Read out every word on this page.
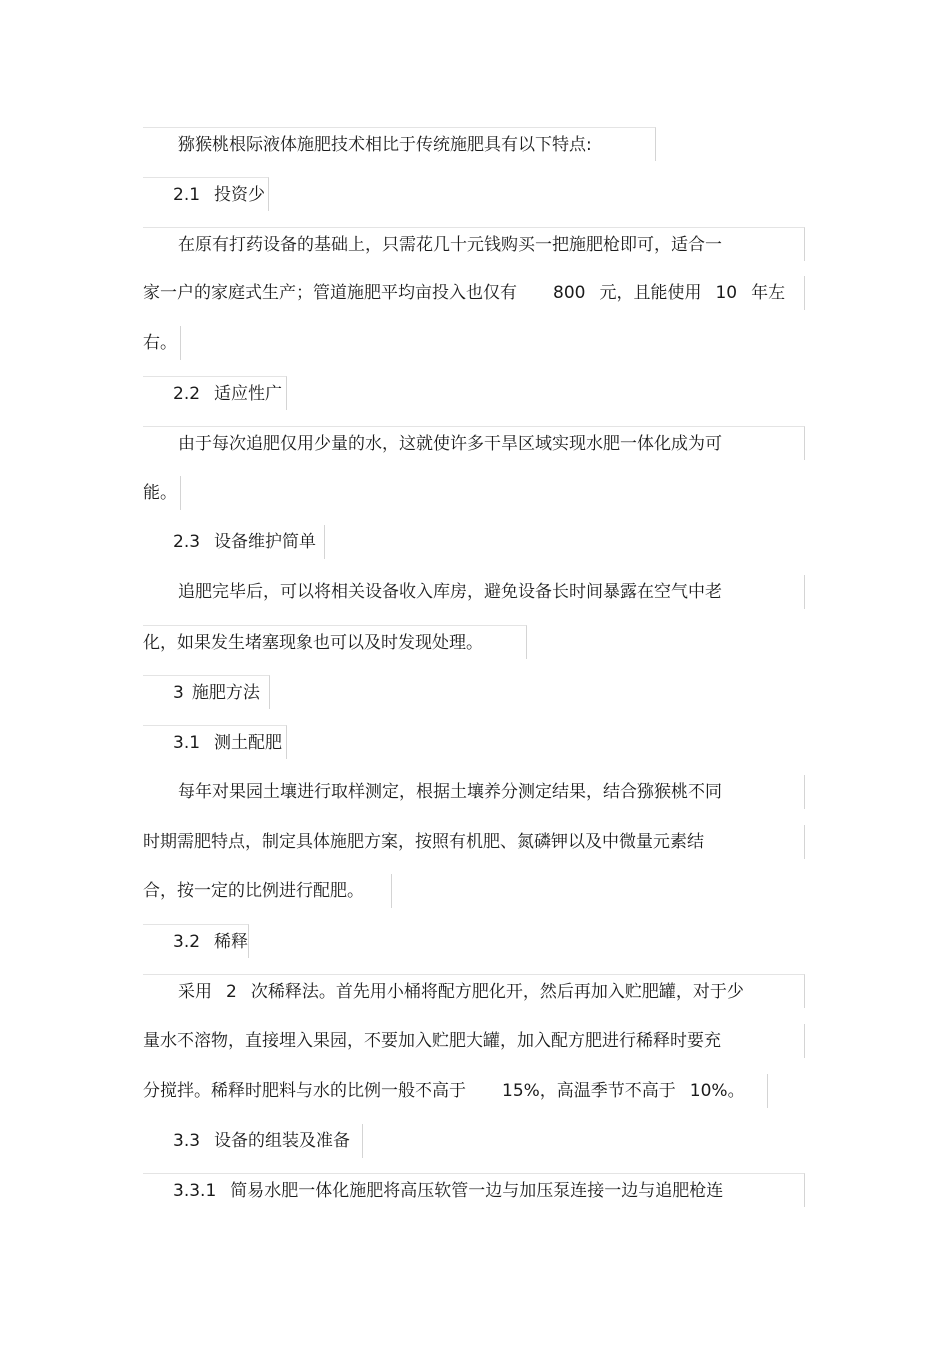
猕猴桃根际液体施肥技术相比于传统施肥具有以下特点:
2.1 投资少
在原有打药设备的基础上，只需花几十元钱购买一把施肥枪即可，适合一
家一户的家庭式生产；管道施肥平均亩投入也仅有 800 元，且能使用 10 年左
右。
2.2 适应性广
由于每次追肥仅用少量的水，这就使许多干旱区域实现水肥一体化成为可
能。
2.3 设备维护简单
追肥完毕后，可以将相关设备收入库房，避免设备长时间暴露在空气中老
化，如果发生堵塞现象也可以及时发现处理。
3 施肥方法
3.1 测土配肥
每年对果园土壤进行取样测定，根据土壤养分测定结果，结合猕猴桃不同
时期需肥特点，制定具体施肥方案，按照有机肥、氮磷钾以及中微量元素结
合，按一定的比例进行配肥。
3.2 稀释
采用 2 次稀释法。首先用小桶将配方肥化开，然后再加入贮肥罐，对于少
量水不溶物，直接埋入果园，不要加入贮肥大罐，加入配方肥进行稀释时要充
分搅拌。稀释时肥料与水的比例一般不高于 15%，高温季节不高于 10%。
3.3 设备的组装及准备
3.3.1 简易水肥一体化施肥将高压软管一边与加压泵连接一边与追肥枪连
